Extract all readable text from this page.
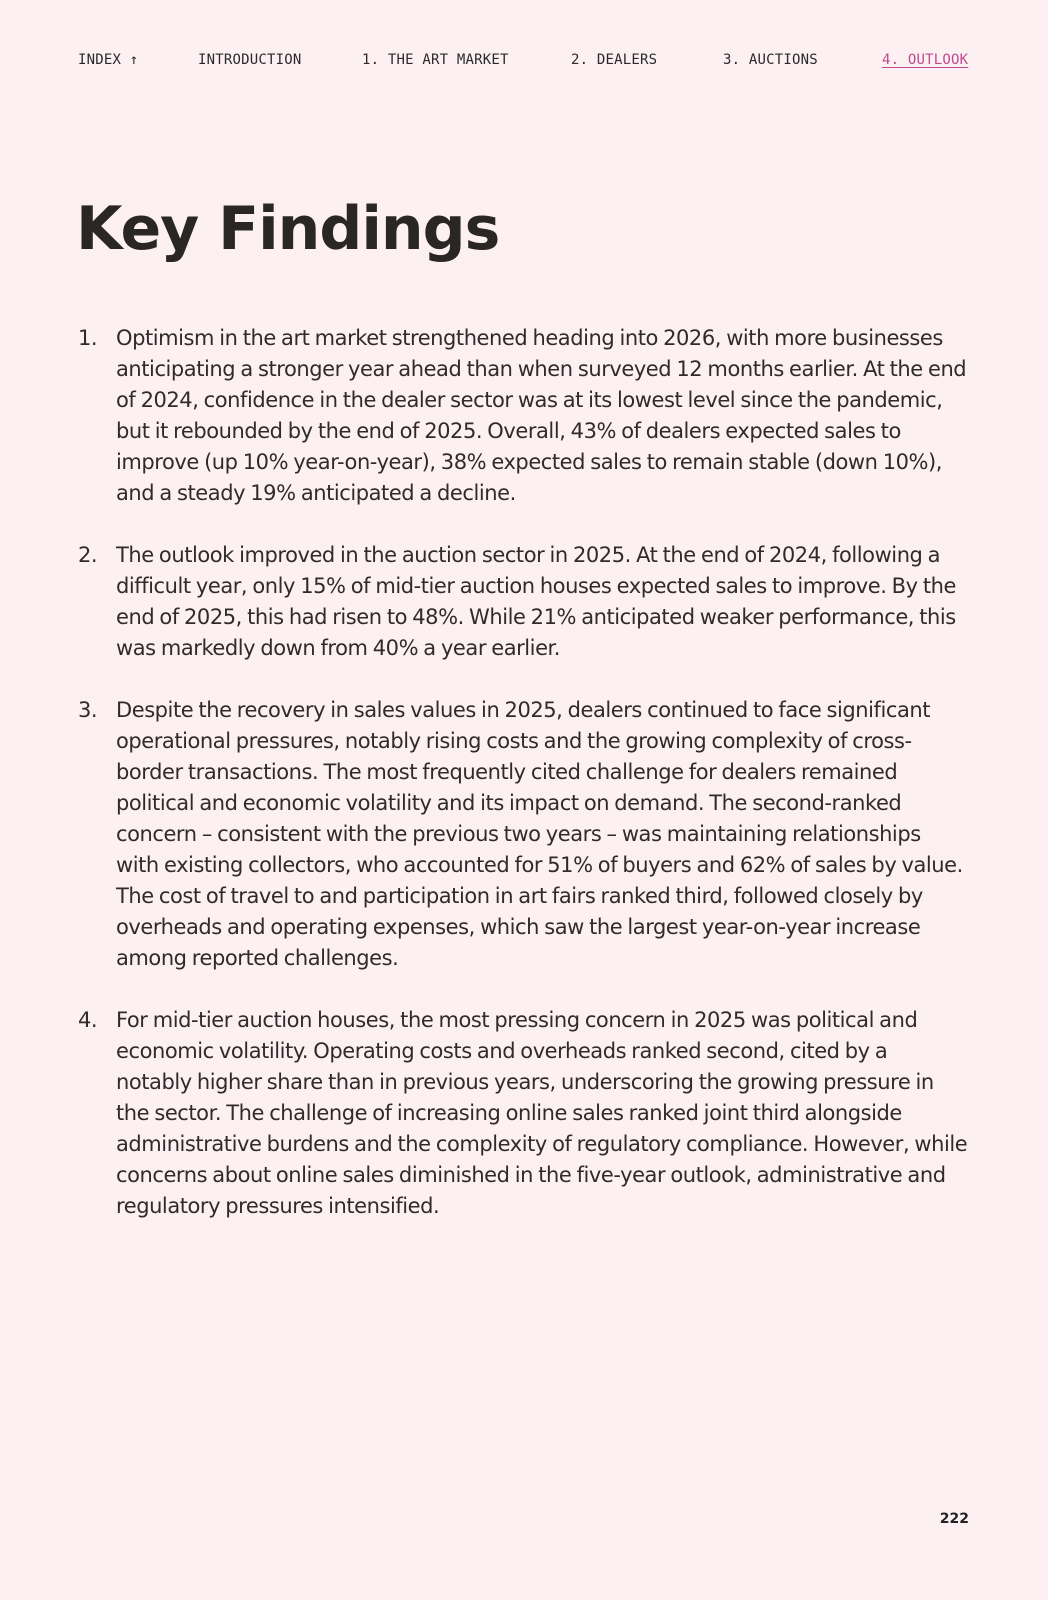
INDEX ↑	INTRODUCTION	1. THE ART MARKET	2. DEALERS	3. AUCTIONS	4. OUTLOOK
Key Findings
1. Optimism in the art market strengthened heading into 2026, with more businesses anticipating a stronger year ahead than when surveyed 12 months earlier. At the end of 2024, confidence in the dealer sector was at its lowest level since the pandemic, but it rebounded by the end of 2025. Overall, 43% of dealers expected sales to improve (up 10% year-on-year), 38% expected sales to remain stable (down 10%), and a steady 19% anticipated a decline.
2. The outlook improved in the auction sector in 2025. At the end of 2024, following a difficult year, only 15% of mid-tier auction houses expected sales to improve. By the end of 2025, this had risen to 48%. While 21% anticipated weaker performance, this was markedly down from 40% a year earlier.
3. Despite the recovery in sales values in 2025, dealers continued to face significant operational pressures, notably rising costs and the growing complexity of cross-border transactions. The most frequently cited challenge for dealers remained political and economic volatility and its impact on demand. The second-ranked concern – consistent with the previous two years – was maintaining relationships with existing collectors, who accounted for 51% of buyers and 62% of sales by value. The cost of travel to and participation in art fairs ranked third, followed closely by overheads and operating expenses, which saw the largest year-on-year increase among reported challenges.
4. For mid-tier auction houses, the most pressing concern in 2025 was political and economic volatility. Operating costs and overheads ranked second, cited by a notably higher share than in previous years, underscoring the growing pressure in the sector. The challenge of increasing online sales ranked joint third alongside administrative burdens and the complexity of regulatory compliance. However, while concerns about online sales diminished in the five-year outlook, administrative and regulatory pressures intensified.
222
